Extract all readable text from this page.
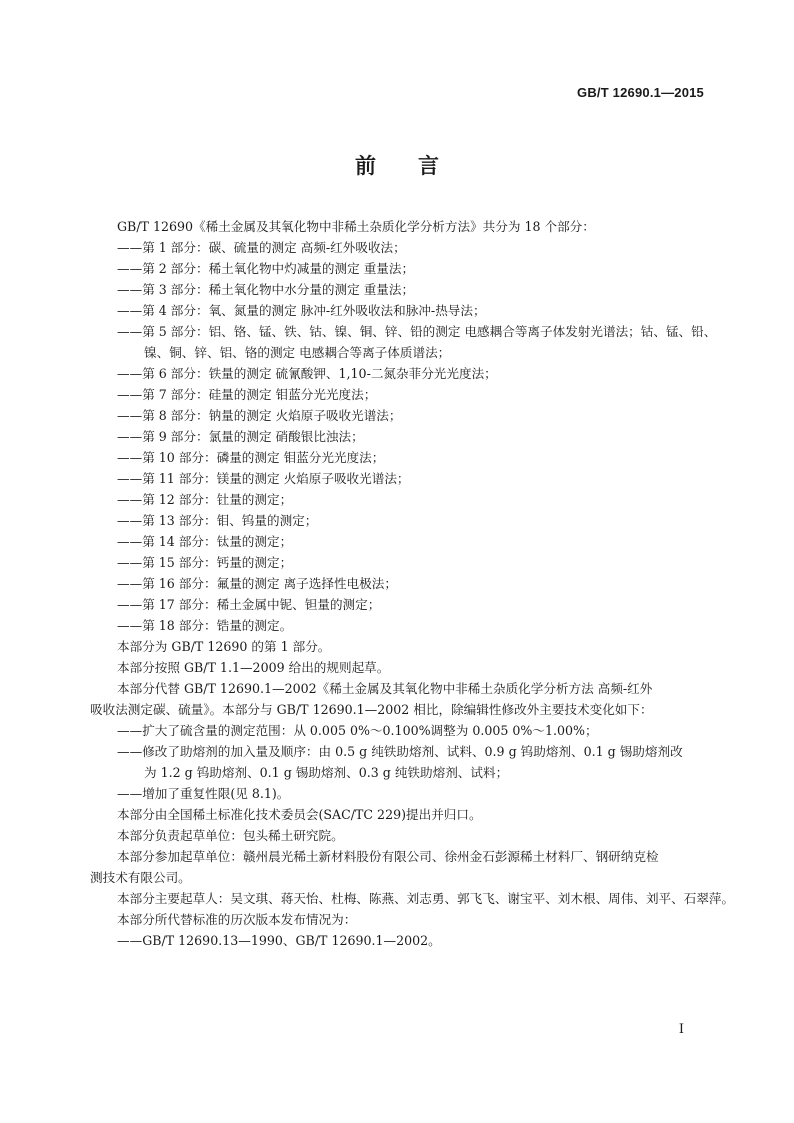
GB/T 12690.1—2015
前言
GB/T 12690《稀土金属及其氧化物中非稀土杂质化学分析方法》共分为 18 个部分：
——第 1 部分：碳、硫量的测定 高频-红外吸收法；
——第 2 部分：稀土氧化物中灼减量的测定 重量法；
——第 3 部分：稀土氧化物中水分量的测定 重量法；
——第 4 部分：氧、氮量的测定 脉冲-红外吸收法和脉冲-热导法；
——第 5 部分：铝、铬、锰、铁、钴、镍、铜、锌、铅的测定 电感耦合等离子体发射光谱法；钴、锰、铅、
镍、铜、锌、铝、铬的测定 电感耦合等离子体质谱法；
——第 6 部分：铁量的测定 硫氰酸钾、1,10-二氮杂菲分光光度法；
——第 7 部分：硅量的测定 钼蓝分光光度法；
——第 8 部分：钠量的测定 火焰原子吸收光谱法；
——第 9 部分：氯量的测定 硝酸银比浊法；
——第 10 部分：磷量的测定 钼蓝分光光度法；
——第 11 部分：镁量的测定 火焰原子吸收光谱法；
——第 12 部分：钍量的测定；
——第 13 部分：钼、钨量的测定；
——第 14 部分：钛量的测定；
——第 15 部分：钙量的测定；
——第 16 部分：氟量的测定 离子选择性电极法；
——第 17 部分：稀土金属中铌、钽量的测定；
——第 18 部分：锆量的测定。
本部分为 GB/T 12690 的第 1 部分。
本部分按照 GB/T 1.1—2009 给出的规则起草。
本部分代替 GB/T 12690.1—2002《稀土金属及其氧化物中非稀土杂质化学分析方法 高频-红外
吸收法测定碳、硫量》。本部分与 GB/T 12690.1—2002 相比，除编辑性修改外主要技术变化如下：
——扩大了硫含量的测定范围：从 0.005 0%～0.100%调整为 0.005 0%～1.00%；
——修改了助熔剂的加入量及顺序：由 0.5 g 纯铁助熔剂、试料、0.9 g 钨助熔剂、0.1 g 锡助熔剂改
为 1.2 g 钨助熔剂、0.1 g 锡助熔剂、0.3 g 纯铁助熔剂、试料；
——增加了重复性限(见 8.1)。
本部分由全国稀土标准化技术委员会(SAC/TC 229)提出并归口。
本部分负责起草单位：包头稀土研究院。
本部分参加起草单位：赣州晨光稀土新材料股份有限公司、徐州金石彭源稀土材料厂、钢研纳克检
测技术有限公司。
本部分主要起草人：吴文琪、蒋天怡、杜梅、陈燕、刘志勇、郭飞飞、谢宝平、刘木根、周伟、刘平、石翠萍。
本部分所代替标准的历次版本发布情况为：
——GB/T 12690.13—1990、GB/T 12690.1—2002。
I
